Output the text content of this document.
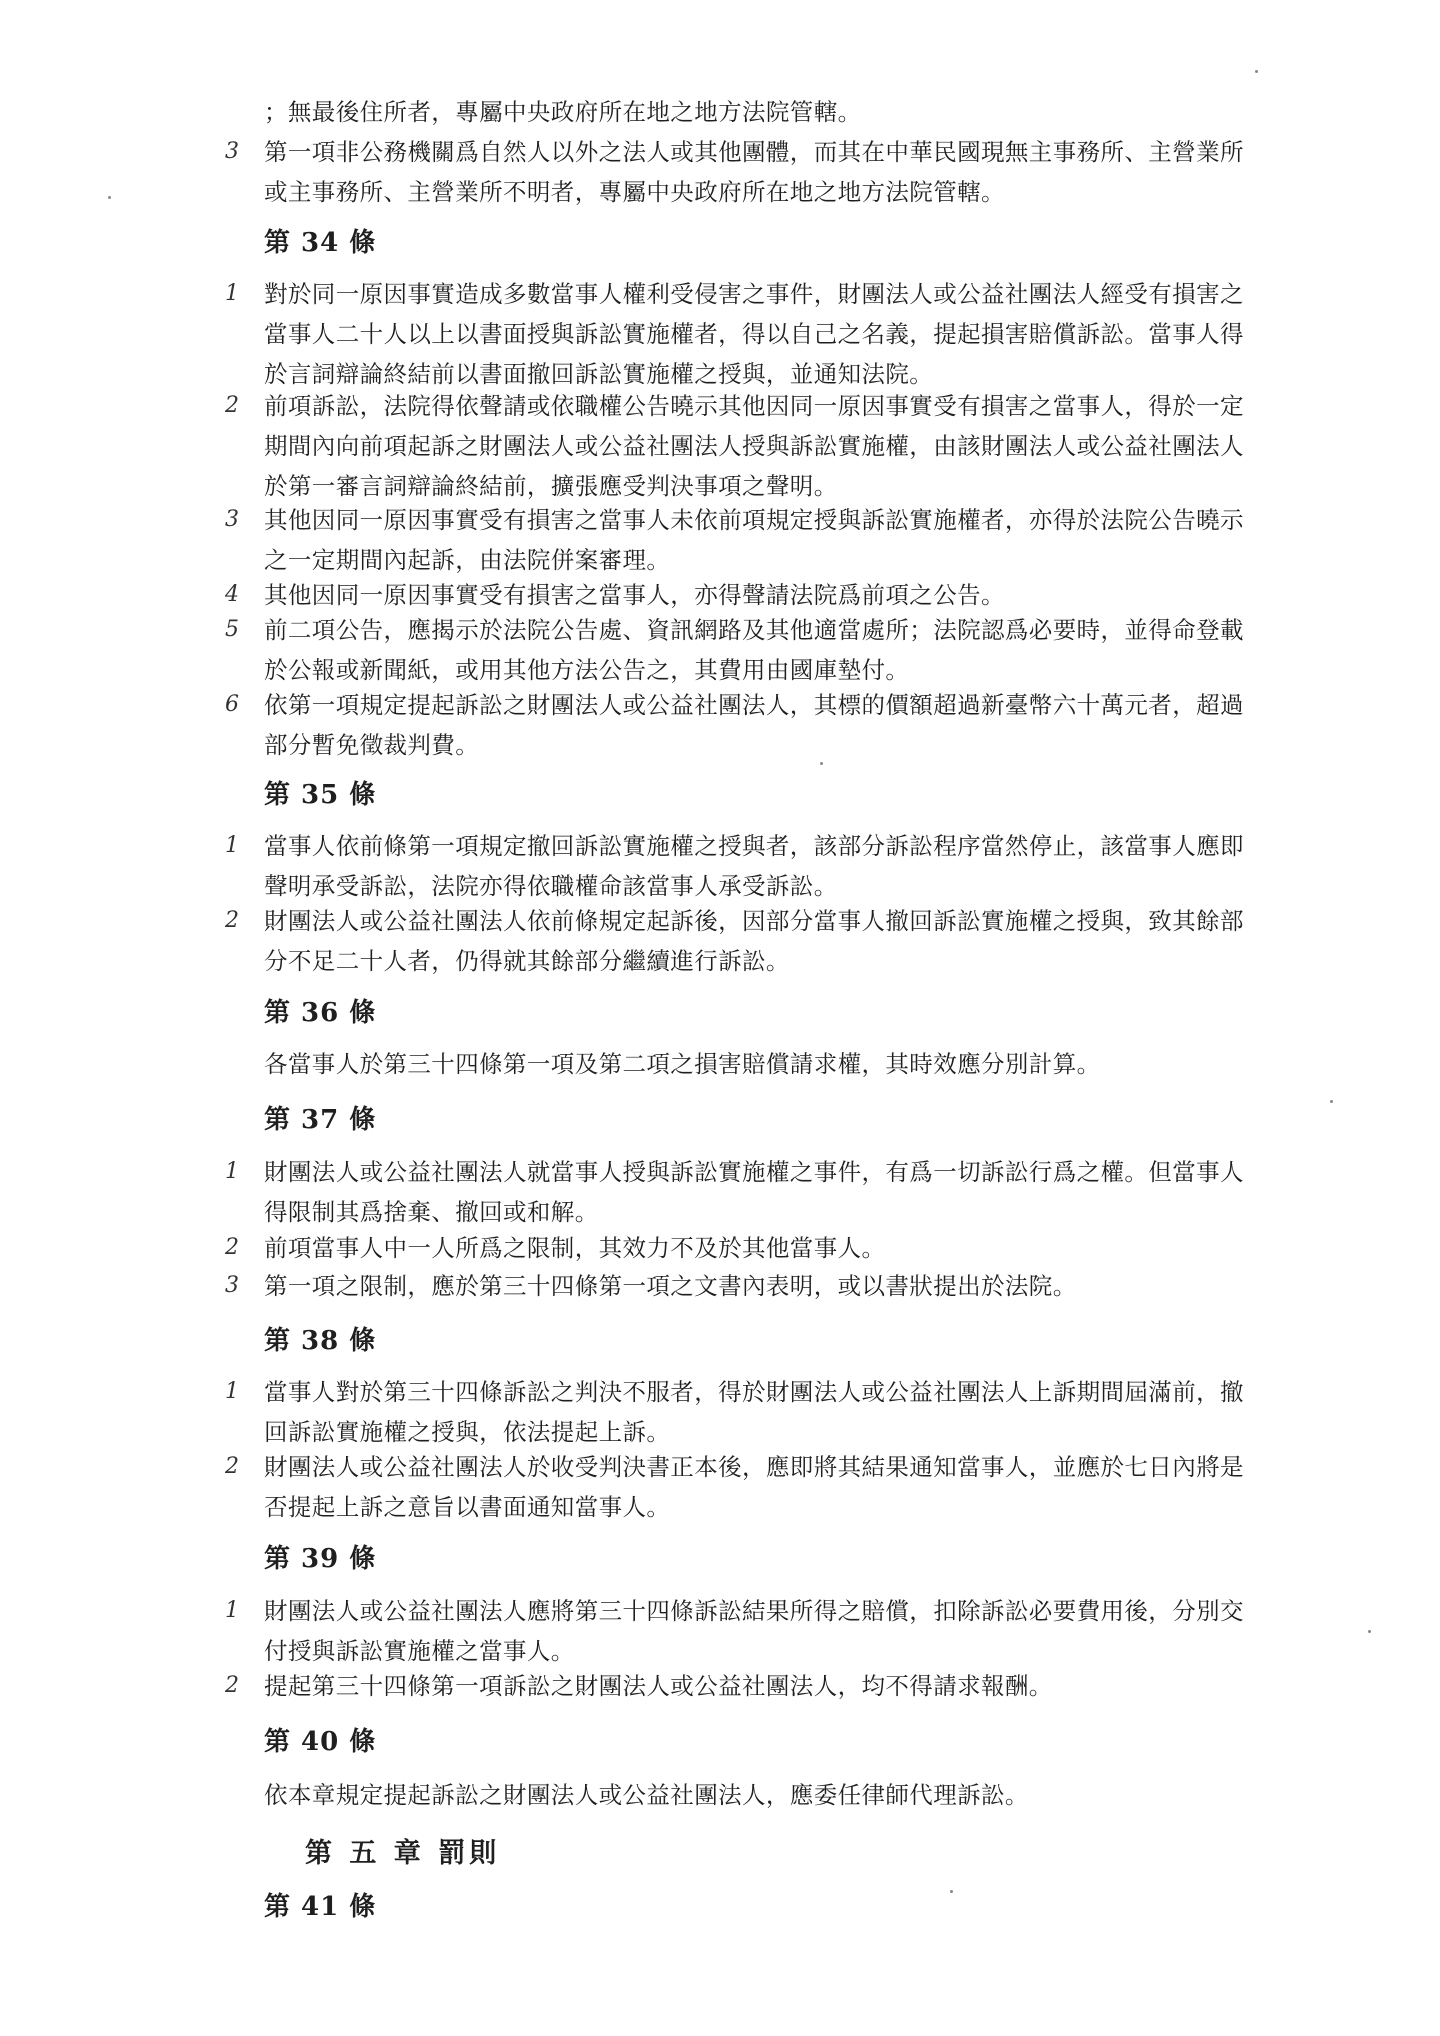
；無最後住所者，專屬中央政府所在地之地方法院管轄。
3 第一項非公務機關爲自然人以外之法人或其他團體，而其在中華民國現無主事務所、主營業所或主事務所、主營業所不明者，專屬中央政府所在地之地方法院管轄。
第 34 條
1 對於同一原因事實造成多數當事人權利受侵害之事件，財團法人或公益社團法人經受有損害之當事人二十人以上以書面授與訴訟實施權者，得以自己之名義，提起損害賠償訴訟。當事人得於言詞辯論終結前以書面撤回訴訟實施權之授與，並通知法院。
2 前項訴訟，法院得依聲請或依職權公告曉示其他因同一原因事實受有損害之當事人，得於一定期間內向前項起訴之財團法人或公益社團法人授與訴訟實施權，由該財團法人或公益社團法人於第一審言詞辯論終結前，擴張應受判決事項之聲明。
3 其他因同一原因事實受有損害之當事人未依前項規定授與訴訟實施權者，亦得於法院公告曉示之一定期間內起訴，由法院併案審理。
4 其他因同一原因事實受有損害之當事人，亦得聲請法院爲前項之公告。
5 前二項公告，應揭示於法院公告處、資訊網路及其他適當處所；法院認爲必要時，並得命登載於公報或新聞紙，或用其他方法公告之，其費用由國庫墊付。
6 依第一項規定提起訴訟之財團法人或公益社團法人，其標的價額超過新臺幣六十萬元者，超過部分暫免徵裁判費。
第 35 條
1 當事人依前條第一項規定撤回訴訟實施權之授與者，該部分訴訟程序當然停止，該當事人應即聲明承受訴訟，法院亦得依職權命該當事人承受訴訟。
2 財團法人或公益社團法人依前條規定起訴後，因部分當事人撤回訴訟實施權之授與，致其餘部分不足二十人者，仍得就其餘部分繼續進行訴訟。
第 36 條
各當事人於第三十四條第一項及第二項之損害賠償請求權，其時效應分別計算。
第 37 條
1 財團法人或公益社團法人就當事人授與訴訟實施權之事件，有爲一切訴訟行爲之權。但當事人得限制其爲捨棄、撤回或和解。
2 前項當事人中一人所爲之限制，其效力不及於其他當事人。
3 第一項之限制，應於第三十四條第一項之文書內表明，或以書狀提出於法院。
第 38 條
1 當事人對於第三十四條訴訟之判決不服者，得於財團法人或公益社團法人上訴期間屆滿前，撤回訴訟實施權之授與，依法提起上訴。
2 財團法人或公益社團法人於收受判決書正本後，應即將其結果通知當事人，並應於七日內將是否提起上訴之意旨以書面通知當事人。
第 39 條
1 財團法人或公益社團法人應將第三十四條訴訟結果所得之賠償，扣除訴訟必要費用後，分別交付授與訴訟實施權之當事人。
2 提起第三十四條第一項訴訟之財團法人或公益社團法人，均不得請求報酬。
第 40 條
依本章規定提起訴訟之財團法人或公益社團法人，應委任律師代理訴訟。
第 五 章 罰則
第 41 條
